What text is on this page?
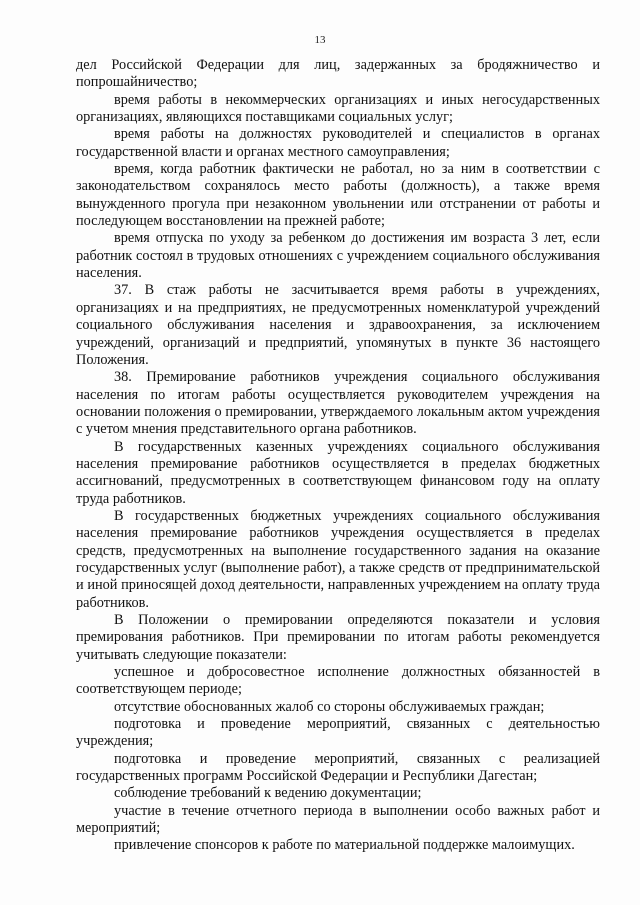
13

дел Российской Федерации для лиц, задержанных за бродяжничество и попрошайничество;

время работы в некоммерческих организациях и иных негосударственных организациях, являющихся поставщиками социальных услуг;

время работы на должностях руководителей и специалистов в органах государственной власти и органах местного самоуправления;

время, когда работник фактически не работал, но за ним в соответствии с законодательством сохранялось место работы (должность), а также время вынужденного прогула при незаконном увольнении или отстранении от работы и последующем восстановлении на прежней работе;

время отпуска по уходу за ребенком до достижения им возраста 3 лет, если работник состоял в трудовых отношениях с учреждением социального обслуживания населения.

37. В стаж работы не засчитывается время работы в учреждениях, организациях и на предприятиях, не предусмотренных номенклатурой учреждений социального обслуживания населения и здравоохранения, за исключением учреждений, организаций и предприятий, упомянутых в пункте 36 настоящего Положения.

38. Премирование работников учреждения социального обслуживания населения по итогам работы осуществляется руководителем учреждения на основании положения о премировании, утверждаемого локальным актом учреждения с учетом мнения представительного органа работников.

В государственных казенных учреждениях социального обслуживания населения премирование работников осуществляется в пределах бюджетных ассигнований, предусмотренных в соответствующем финансовом году на оплату труда работников.

В государственных бюджетных учреждениях социального обслуживания населения премирование работников учреждения осуществляется в пределах средств, предусмотренных на выполнение государственного задания на оказание государственных услуг (выполнение работ), а также средств от предпринимательской и иной приносящей доход деятельности, направленных учреждением на оплату труда работников.

В Положении о премировании определяются показатели и условия премирования работников. При премировании по итогам работы рекомендуется учитывать следующие показатели:

успешное и добросовестное исполнение должностных обязанностей в соответствующем периоде;

отсутствие обоснованных жалоб со стороны обслуживаемых граждан;

подготовка и проведение мероприятий, связанных с деятельностью учреждения;

подготовка и проведение мероприятий, связанных с реализацией государственных программ Российской Федерации и Республики Дагестан;

соблюдение требований к ведению документации;

участие в течение отчетного периода в выполнении особо важных работ и мероприятий;

привлечение спонсоров к работе по материальной поддержке малоимущих.
